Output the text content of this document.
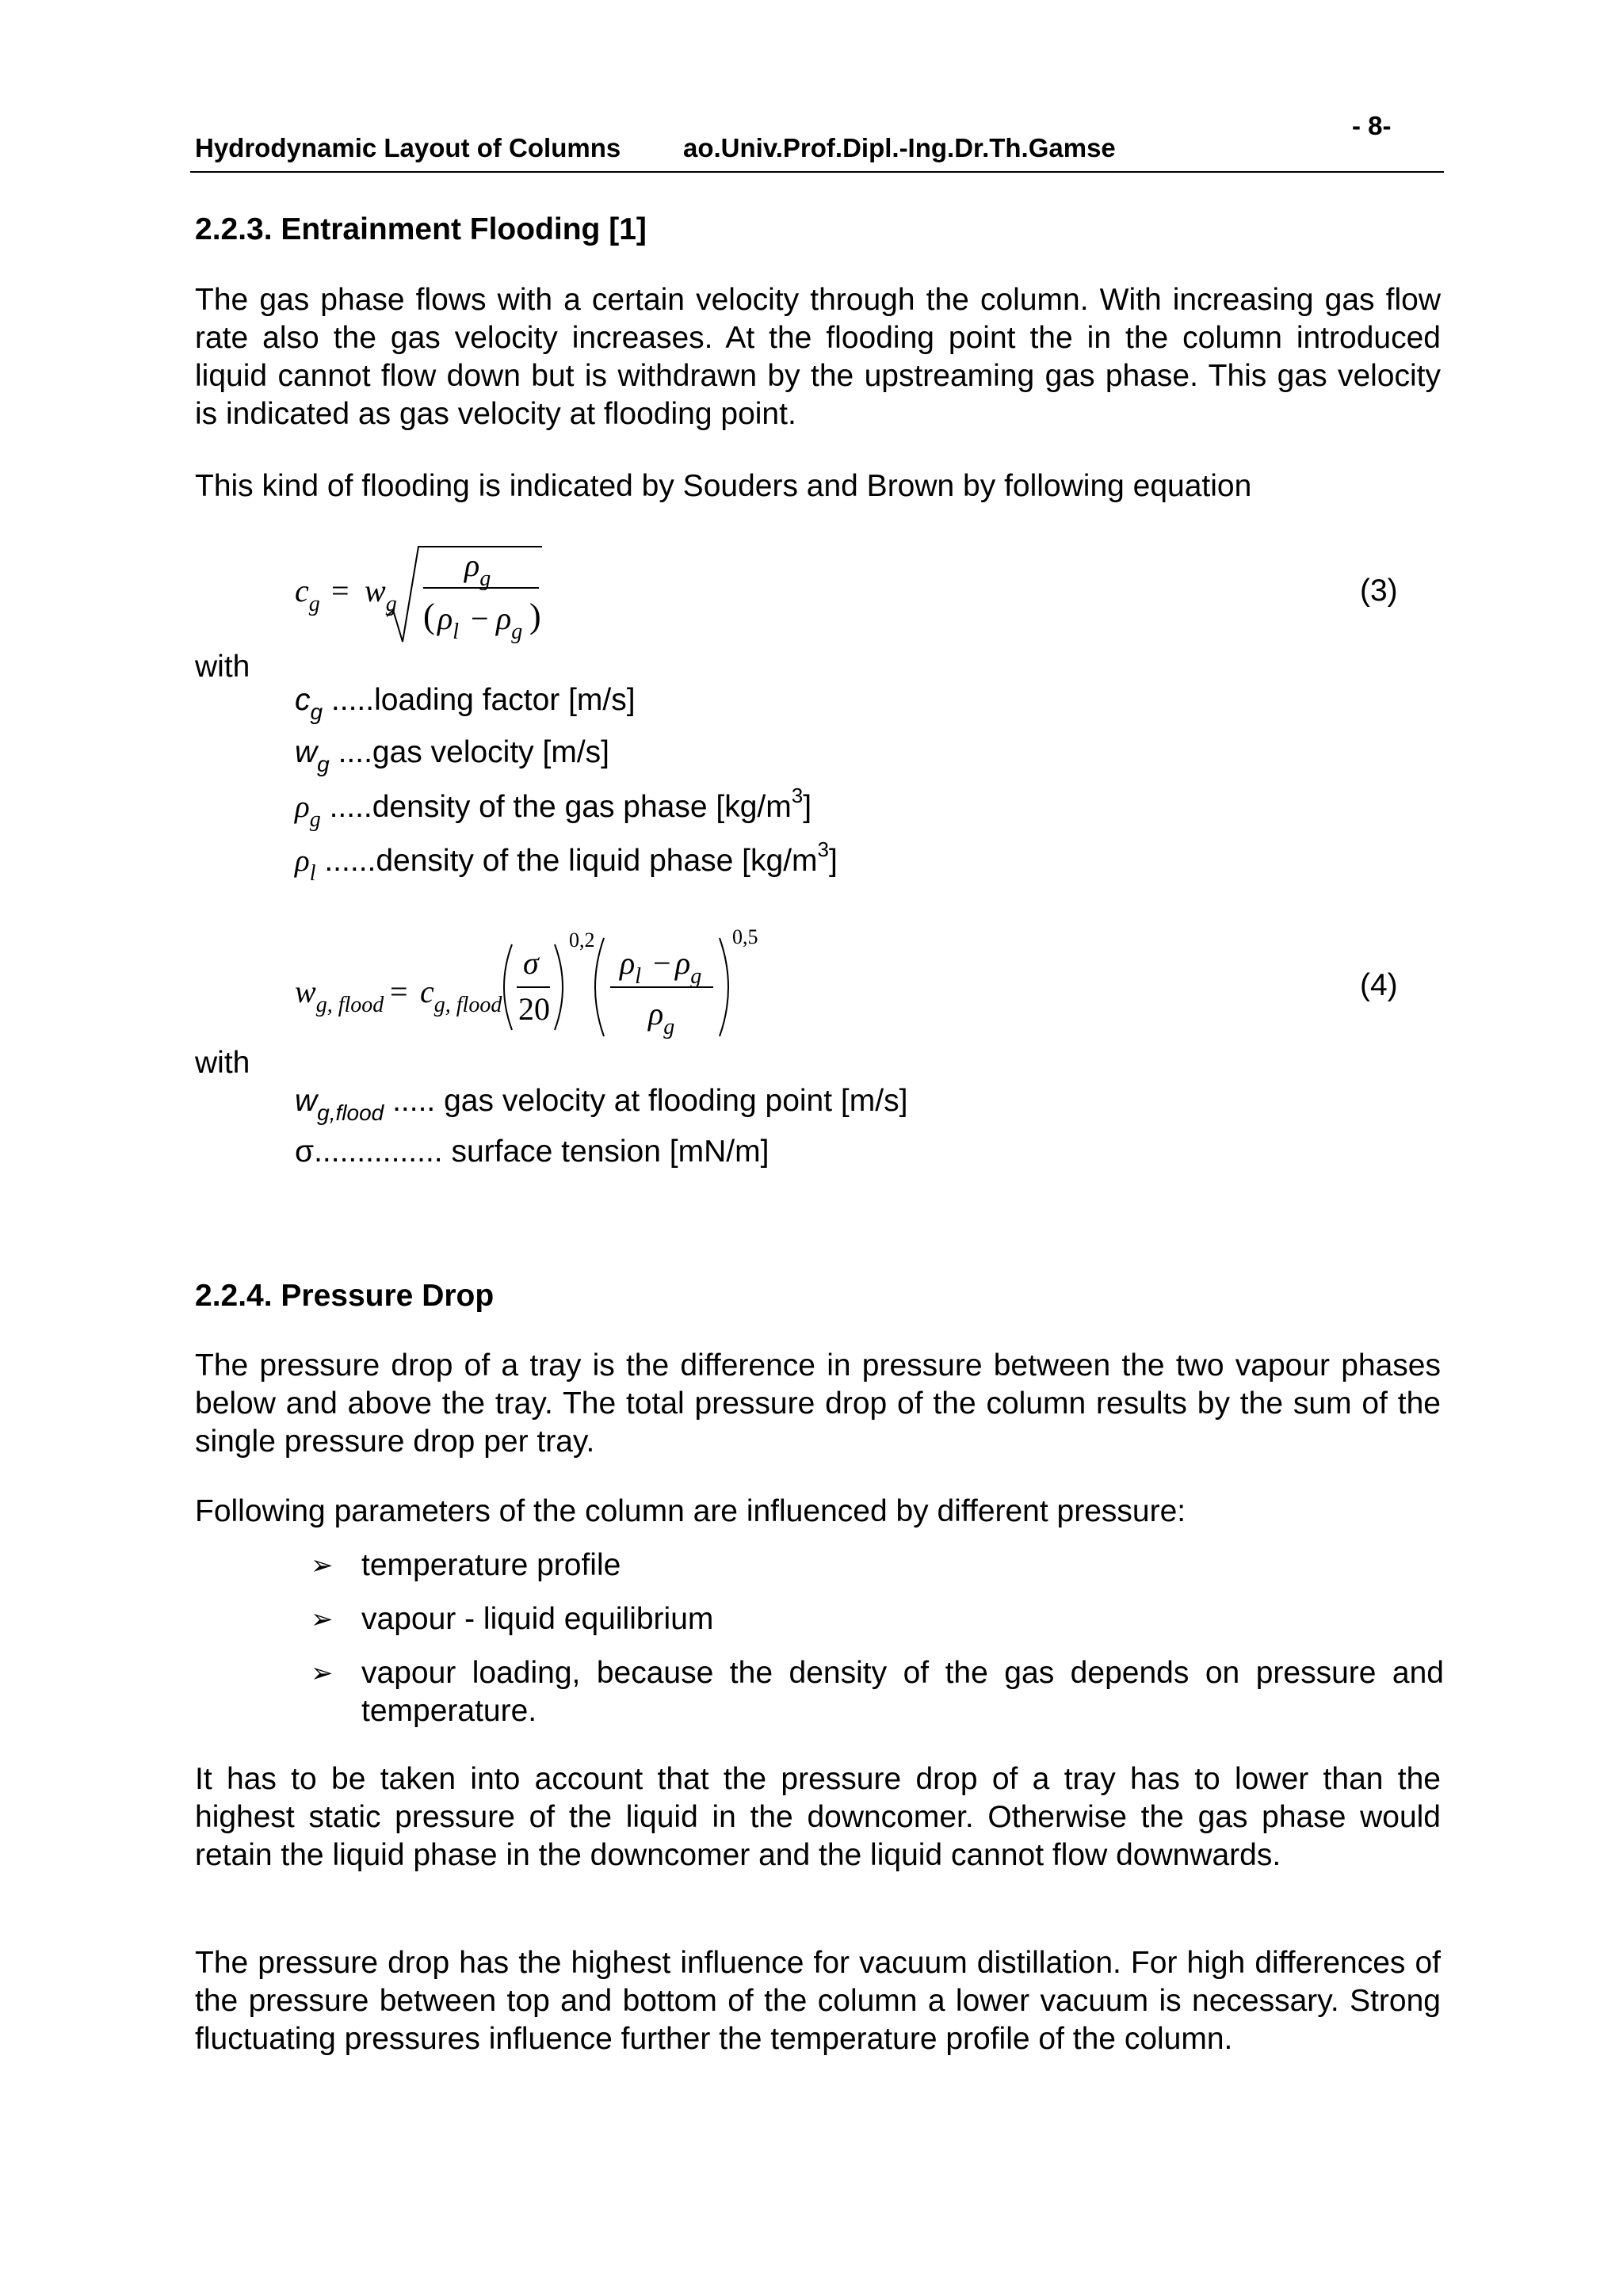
Hydrodynamic Layout of Columns ao.Univ.Prof.Dipl.-Ing.Dr.Th.Gamse
- 8-
2.2.3. Entrainment Flooding [1]
The gas phase flows with a certain velocity through the column. With increasing gas flow rate also the gas velocity increases. At the flooding point the in the column introduced liquid cannot flow down but is withdrawn by the upstreaming gas phase. This gas velocity is indicated as gas velocity at flooding point.
This kind of flooding is indicated by Souders and Brown by following equation
$c_g = w_g$
$\rho_g$
( $\rho_l - \rho_g$ )
(3)
with
$c_g$ .....loading factor [m/s]
$w_g$ ....gas velocity [m/s]
$\rho_g$ .....density of the gas phase $[kg/m^3]$
$\rho_l$ ......density of the liquid phase $[kg/m^3]$
$w_{g, flood} = c_{g, flood}$
σ
20
0,2
$\rho_l - \rho_g$
$\rho_g$
0,5
(4)
with
$w_{g,flood}$ ..... gas velocity at flooding point [m/s]
σ............... surface tension [mN/m]
2.2.4. Pressure Drop
The pressure drop of a tray is the difference in pressure between the two vapour phases below and above the tray. The total pressure drop of the column results by the sum of the single pressure drop per tray.
Following parameters of the column are influenced by different pressure:
➢ temperature profile
➢ vapour - liquid equilibrium
➢ vapour loading, because the density of the gas depends on pressure and temperature.
It has to be taken into account that the pressure drop of a tray has to lower than the highest static pressure of the liquid in the downcomer. Otherwise the gas phase would retain the liquid phase in the downcomer and the liquid cannot flow downwards.
The pressure drop has the highest influence for vacuum distillation. For high differences of the pressure between top and bottom of the column a lower vacuum is necessary. Strong fluctuating pressures influence further the temperature profile of the column.
